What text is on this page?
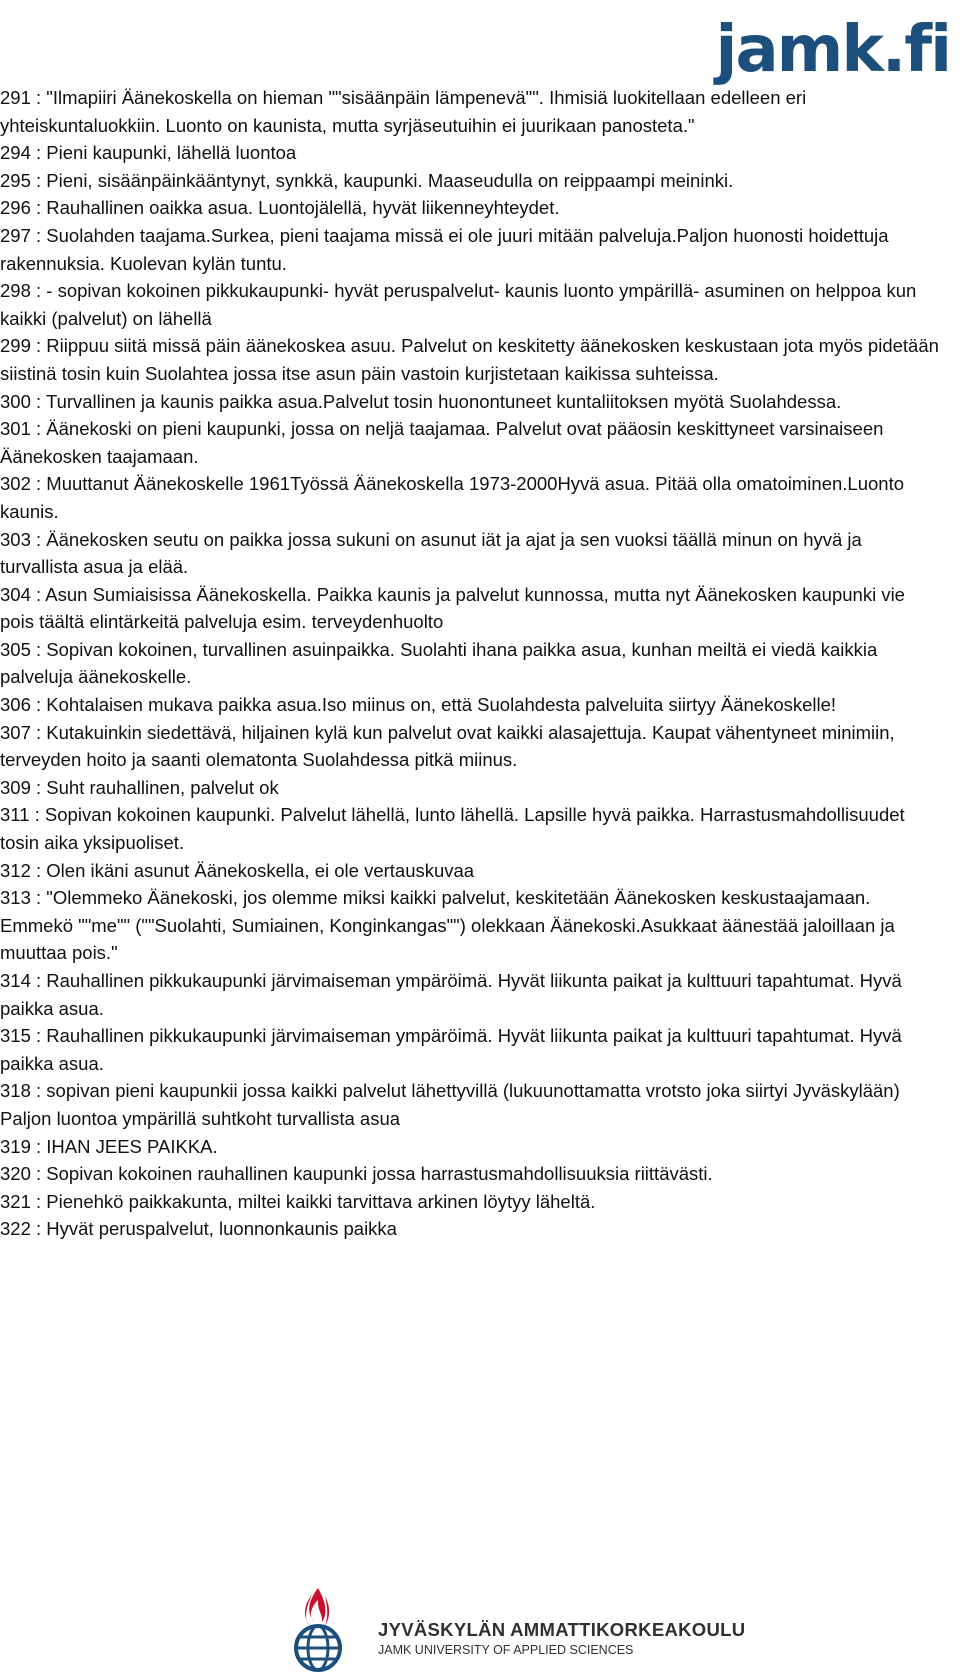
jamk.fi

291 : "Ilmapiiri Äänekoskella on hieman ""sisäänpäin lämpenevä"". Ihmisiä luokitellaan edelleen eri yhteiskuntaluokkiin. Luonto on kaunista, mutta syrjäseutuihin ei juurikaan panosteta."

294 : Pieni kaupunki, lähellä luontoa

295 : Pieni, sisäänpäinkääntynyt, synkkä, kaupunki. Maaseudulla on reippaampi meininki.

296 : Rauhallinen oaikka asua. Luontojälellä, hyvät liikenneyhteydet.

297 : Suolahden taajama.Surkea, pieni taajama missä ei ole juuri mitään palveluja.Paljon huonosti hoidettuja rakennuksia. Kuolevan kylän tuntu.

298 : - sopivan kokoinen pikkukaupunki- hyvät peruspalvelut- kaunis luonto ympärillä- asuminen on helppoa kun kaikki (palvelut) on lähellä

299 : Riippuu siitä missä päin äänekoskea asuu. Palvelut on keskitetty äänekosken keskustaan jota myös pidetään siistinä tosin kuin Suolahtea jossa itse asun päin vastoin kurjistetaan kaikissa suhteissa.

300 : Turvallinen ja kaunis paikka asua.Palvelut tosin huonontuneet kuntaliitoksen myötä Suolahdessa.

301 : Äänekoski on pieni kaupunki, jossa on neljä taajamaa. Palvelut ovat pääosin keskittyneet varsinaiseen Äänekosken taajamaan.

302 : Muuttanut Äänekoskelle 1961Työssä Äänekoskella 1973-2000Hyvä asua. Pitää olla omatoiminen.Luonto kaunis.

303 : Äänekosken seutu on paikka jossa sukuni on asunut iät ja ajat ja sen vuoksi täällä minun on hyvä ja turvallista asua ja elää.

304 : Asun Sumiaisissa Äänekoskella. Paikka kaunis ja palvelut kunnossa, mutta nyt Äänekosken kaupunki vie pois täältä elintärkeitä palveluja esim. terveydenhuolto

305 : Sopivan kokoinen, turvallinen asuinpaikka. Suolahti ihana paikka asua, kunhan meiltä ei viedä kaikkia palveluja äänekoskelle.

306 : Kohtalaisen mukava paikka asua.Iso miinus on, että Suolahdesta palveluita siirtyy Äänekoskelle!

307 : Kutakuinkin siedettävä, hiljainen kylä kun palvelut ovat kaikki alasajettuja. Kaupat vähentyneet minimiin, terveyden hoito ja saanti olematonta Suolahdessa pitkä miinus.

309 : Suht rauhallinen, palvelut ok

311 : Sopivan kokoinen kaupunki. Palvelut lähellä, lunto lähellä. Lapsille hyvä paikka. Harrastusmahdollisuudet tosin aika yksipuoliset.

312 : Olen ikäni asunut Äänekoskella, ei ole vertauskuvaa

313 : "Olemmeko Äänekoski, jos olemme miksi kaikki palvelut, keskitetään Äänekosken keskustaajamaan. Emmekö ""me"" (""Suolahti, Sumiainen, Konginkangas"") olekkaan Äänekoski.Asukkaat äänestää jaloillaan ja muuttaa pois."

314 : Rauhallinen pikkukaupunki järvimaiseman ympäröimä. Hyvät liikunta paikat ja kulttuuri tapahtumat. Hyvä paikka asua.

315 : Rauhallinen pikkukaupunki järvimaiseman ympäröimä. Hyvät liikunta paikat ja kulttuuri tapahtumat. Hyvä paikka asua.

318 : sopivan pieni kaupunkii jossa kaikki palvelut lähettyvillä (lukuunottamatta vrotsto joka siirtyi Jyväskylään) Paljon luontoa ympärillä suhtkoht turvallista asua

319 : IHAN JEES PAIKKA.

320 : Sopivan kokoinen rauhallinen kaupunki jossa harrastusmahdollisuuksia riittävästi.

321 : Pienehkö paikkakunta, miltei kaikki tarvittava arkinen löytyy läheltä.

322 : Hyvät peruspalvelut, luonnonkaunis paikka

JYVÄSKYLÄN AMMATTIKORKEAKOULU
JAMK UNIVERSITY OF APPLIED SCIENCES
